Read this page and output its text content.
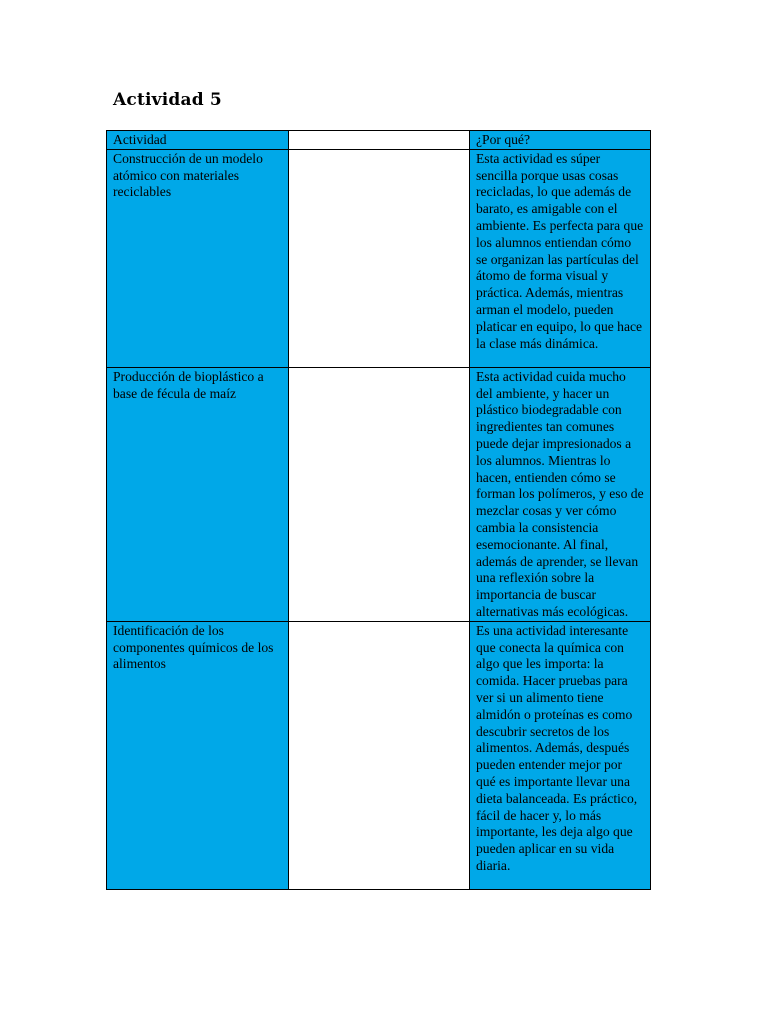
Actividad 5
Actividad		¿Por qué?
Construcción de un modelo atómico con materiales reciclables		Esta actividad es súper sencilla porque usas cosas recicladas, lo que además de barato, es amigable con el ambiente. Es perfecta para que los alumnos entiendan cómo se organizan las partículas del átomo de forma visual y práctica. Además, mientras arman el modelo, pueden platicar en equipo, lo que hace la clase más dinámica.
Producción de bioplástico a base de fécula de maíz		Esta actividad cuida mucho del ambiente, y hacer un plástico biodegradable con ingredientes tan comunes puede dejar impresionados a los alumnos. Mientras lo hacen, entienden cómo se forman los polímeros, y eso de mezclar cosas y ver cómo cambia la consistencia esemocionante. Al final, además de aprender, se llevan una reflexión sobre la importancia de buscar alternativas más ecológicas.
Identificación de los componentes químicos de los alimentos		Es una actividad interesante que conecta la química con algo que les importa: la comida. Hacer pruebas para ver si un alimento tiene almidón o proteínas es como descubrir secretos de los alimentos. Además, después pueden entender mejor por qué es importante llevar una dieta balanceada. Es práctico, fácil de hacer y, lo más importante, les deja algo que pueden aplicar en su vida diaria.
